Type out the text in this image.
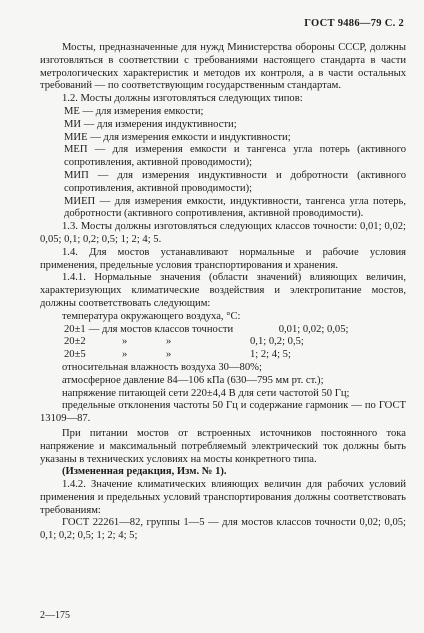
ГОСТ 9486—79 С. 2

Мосты, предназначенные для нужд Министерства обороны СССР, должны изготовляться в соответствии с требованиями настоящего стандарта в части метрологических характеристик и методов их контроля, а в части остальных требований — по соответствующим государственным стандартам.

1.2. Мосты должны изготовляться следующих типов:

МЕ — для измерения емкости;

МИ — для измерения индуктивности;

МИЕ — для измерения емкости и индуктивности;

МЕП — для измерения емкости и тангенса угла потерь (активного сопротивления, активной проводимости);

МИП — для измерения индуктивности и добротности (активного сопротивления, активной проводимости);

МИЕП — для измерения емкости, индуктивности, тангенса угла потерь, добротности (активного сопротивления, активной проводимости).

1.3. Мосты должны изготовляться следующих классов точности: 0,01; 0,02; 0,05; 0,1; 0,2; 0,5; 1; 2; 4; 5.

1.4. Для мостов устанавливают нормальные и рабочие условия применения, предельные условия транспортирования и хранения.

1.4.1. Нормальные значения (области значений) влияющих величин, характеризующих климатические воздействия и электропитание мостов, должны соответствовать следующим:

температура окружающего воздуха, °С:

20±1 — для мостов классов точности	0,01; 0,02; 0,05;
20±2	»	»	0,1; 0,2; 0,5;
20±5	»	»	1; 2; 4; 5;

относительная влажность воздуха 30—80%;

атмосферное давление 84—106 кПа (630—795 мм рт. ст.);

напряжение питающей сети 220±4,4 В для сети частотой 50 Гц;

предельные отклонения частоты 50 Гц и содержание гармоник — по ГОСТ 13109—87.

При питании мостов от встроенных источников постоянного тока напряжение и максимальный потребляемый электрический ток должны быть указаны в технических условиях на мосты конкретного типа.

(Измененная редакция, Изм. № 1).

1.4.2. Значение климатических влияющих величин для рабочих условий применения и предельных условий транспортирования должны соответствовать требованиям:

ГОСТ 22261—82, группы 1—5 — для мостов классов точности 0,02; 0,05; 0,1; 0,2; 0,5; 1; 2; 4; 5;

2—175
